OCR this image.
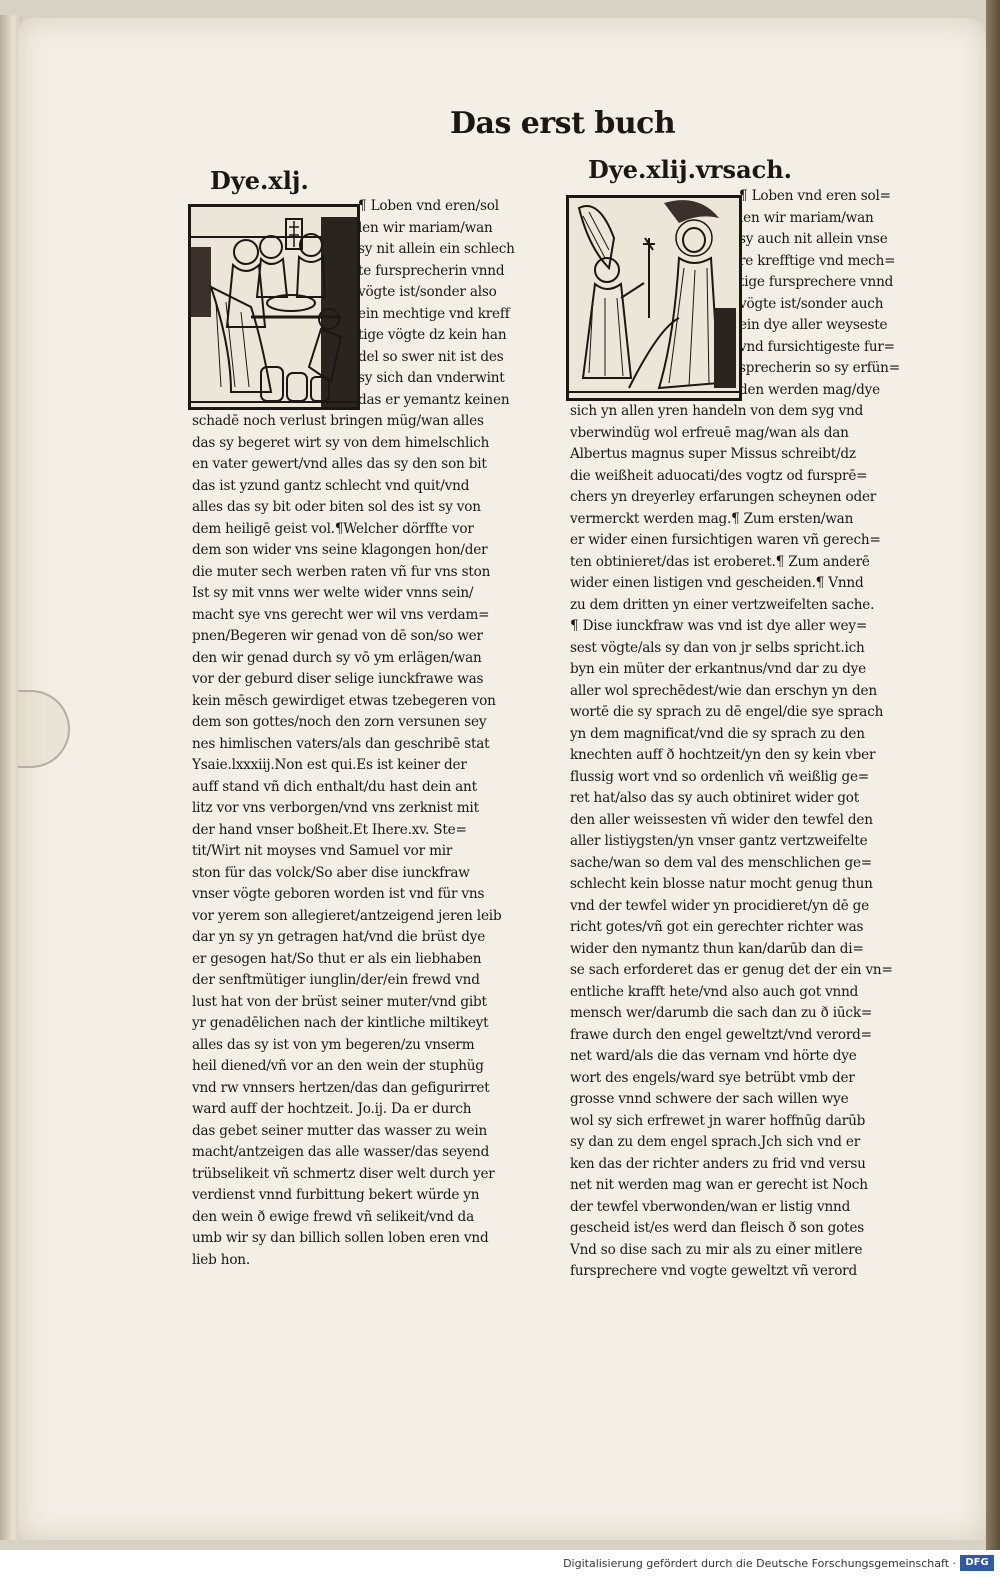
Das erst buch
Dye.xlj.	Dye.xlij.vrsach.
¶ Loben vnd eren/sol
len wir mariam/wan
sy nit allein ein schlech
te fursprecherin vnnd
vögte ist/sonder also
ein mechtige vnd kreff
tige vögte dz kein han
del so swer nit ist des
sy sich dan vnderwint
das er yemantz keinen
schadē noch verlust bringen müg/wan alles
das sy begeret wirt sy von dem himelschlich
en vater gewert/vnd alles das sy den son bit
das ist yzund gantz schlecht vnd quit/vnd
alles das sy bit oder biten sol des ist sy von
dem heiligē geist vol.¶Welcher dörffte vor
dem son wider vns seine klagongen hon/der
die muter sech werben raten vñ fur vns ston
Ist sy mit vnns wer welte wider vnns sein/
macht sye vns gerecht wer wil vns verdam=
pnen/Begeren wir genad von dē son/so wer
den wir genad durch sy vō ym erlägen/wan
vor der geburd diser selige iunckfrawe was
kein mēsch gewirdiget etwas tzebegeren von
dem son gottes/noch den zorn versunen sey
nes himlischen vaters/als dan geschribē stat
Ysaie.lxxxiij.Non est qui.Es ist keiner der
auff stand vñ dich enthalt/du hast dein ant
litz vor vns verborgen/vnd vns zerknist mit
der hand vnser boßheit.Et Ihere.xv. Ste=
tit/Wirt nit moyses vnd Samuel vor mir
ston für das volck/So aber dise iunckfraw
vnser vögte geboren worden ist vnd für vns
vor yerem son allegieret/antzeigend jeren leib
dar yn sy yn getragen hat/vnd die brüst dye
er gesogen hat/So thut er als ein liebhaben
der senftmütiger iunglin/der/ein frewd vnd
lust hat von der brüst seiner muter/vnd gibt
yr genadēlichen nach der kintliche miltikeyt
alles das sy ist von ym begeren/zu vnserm
heil diened/vñ vor an den wein der stuphüg
vnd rw vnnsers hertzen/das dan gefigurirret
ward auff der hochtzeit. Jo.ij. Da er durch
das gebet seiner mutter das wasser zu wein
macht/antzeigen das alle wasser/das seyend
trübselikeit vñ schmertz diser welt durch yer
verdienst vnnd furbittung bekert würde yn
den wein ð ewige frewd vñ selikeit/vnd da
umb wir sy dan billich sollen loben eren vnd
lieb hon.
¶ Loben vnd eren sol=
len wir mariam/wan
sy auch nit allein vnse
re krefftige vnd mech=
tige fursprechere vnnd
vögte ist/sonder auch
ein dye aller weyseste
vnd fursichtigeste fur=
sprecherin so sy erfün=
den werden mag/dye
sich yn allen yren handeln von dem syg vnd
vberwindüg wol erfreuē mag/wan als dan
Albertus magnus super Missus schreibt/dz
die weißheit aduocati/des vogtz od fursprē=
chers yn dreyerley erfarungen scheynen oder
vermerckt werden mag.¶ Zum ersten/wan
er wider einen fursichtigen waren vñ gerech=
ten obtinieret/das ist eroberet.¶ Zum anderē
wider einen listigen vnd gescheiden.¶ Vnnd
zu dem dritten yn einer vertzweifelten sache.
¶ Dise iunckfraw was vnd ist dye aller wey=
sest vögte/als sy dan von jr selbs spricht.ich
byn ein müter der erkantnus/vnd dar zu dye
aller wol sprechēdest/wie dan erschyn yn den
wortē die sy sprach zu dē engel/die sye sprach
yn dem magnificat/vnd die sy sprach zu den
knechten auff ð hochtzeit/yn den sy kein vber
flussig wort vnd so ordenlich vñ weißlig ge=
ret hat/also das sy auch obtiniret wider got
den aller weissesten vñ wider den tewfel den
aller listiygsten/yn vnser gantz vertzweifelte
sache/wan so dem val des menschlichen ge=
schlecht kein blosse natur mocht genug thun
vnd der tewfel wider yn procidieret/yn dē ge
richt gotes/vñ got ein gerechter richter was
wider den nymantz thun kan/darūb dan di=
se sach erforderet das er genug det der ein vn=
entliche krafft hete/vnd also auch got vnnd
mensch wer/darumb die sach dan zu ð iūck=
frawe durch den engel geweltzt/vnd verord=
net ward/als die das vernam vnd hörte dye
wort des engels/ward sye betrübt vmb der
grosse vnnd schwere der sach willen wye
wol sy sich erfrewet jn warer hoffnūg darūb
sy dan zu dem engel sprach.Jch sich vnd er
ken das der richter anders zu frid vnd versu
net nit werden mag wan er gerecht ist Noch
der tewfel vberwonden/wan er listig vnnd
gescheid ist/es werd dan fleisch ð son gotes
Vnd so dise sach zu mir als zu einer mitlere
fursprechere vnd vogte geweltzt vñ verord
Digitalisierung gefördert durch die Deutsche Forschungsgemeinschaft · DFG
